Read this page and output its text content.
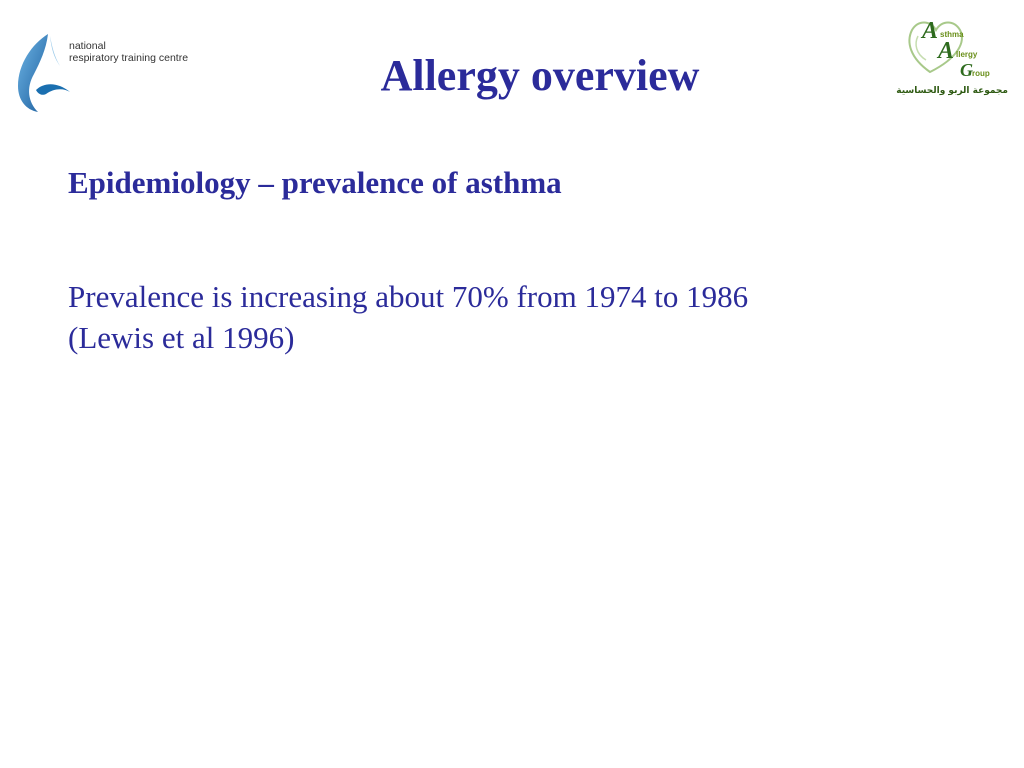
national
respiratory training centre
A sthma
A llergy
G roup
مجموعة الربو والحساسية
Allergy overview
Epidemiology – prevalence of asthma

Prevalence is increasing about 70% from 1974 to 1986
(Lewis et al 1996)
